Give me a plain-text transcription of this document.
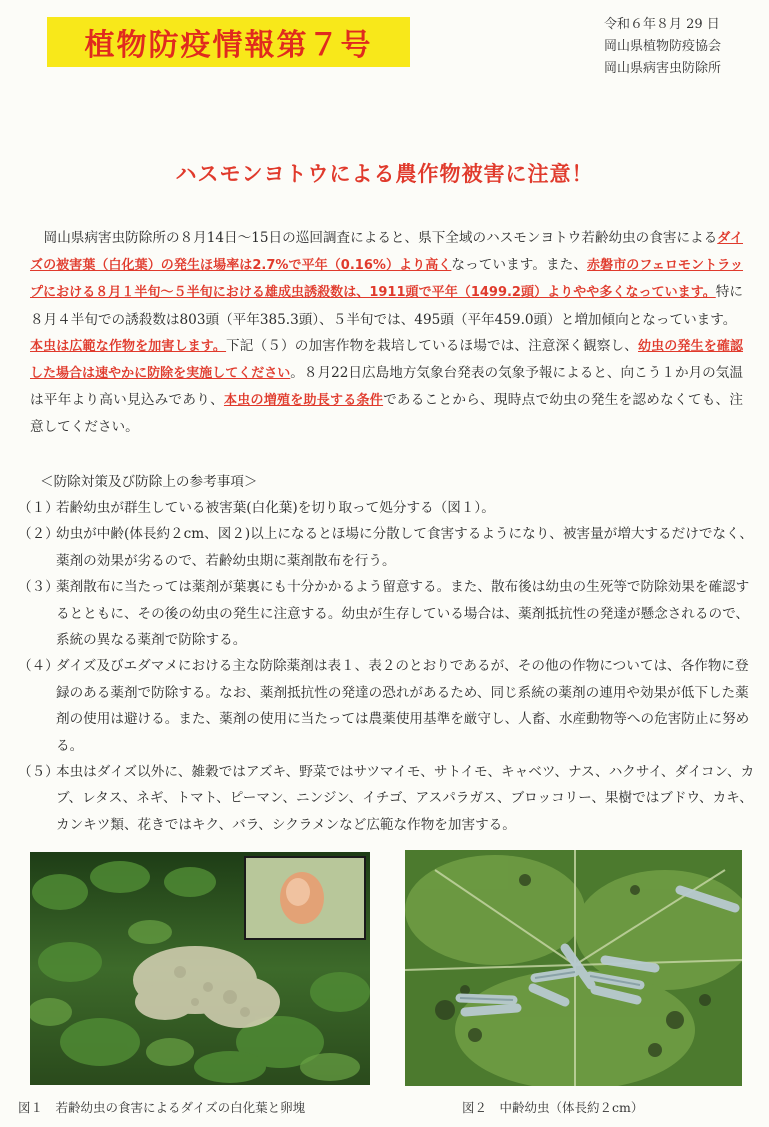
植物防疫情報第７号
令和６年８月 29 日
岡山県植物防疫協会
岡山県病害虫防除所
ハスモンヨトウによる農作物被害に注意！

　岡山県病害虫防除所の８月14日～15日の巡回調査によると、県下全域のハスモンヨトウ若齢幼虫の食害によるダイズの被害葉（白化葉）の発生ほ場率は2.7%で平年（0.16%）より高くなっています。また、赤磐市のフェロモントラップにおける８月１半旬～５半旬における雄成虫誘殺数は、1911頭で平年（1499.2頭）よりやや多くなっています。特に８月４半旬での誘殺数は803頭（平年385.3頭）、５半旬では、495頭（平年459.0頭）と増加傾向となっています。

本虫は広範な作物を加害します。下記（５）の加害作物を栽培しているほ場では、注意深く観察し、幼虫の発生を確認した場合は速やかに防除を実施してください。８月22日広島地方気象台発表の気象予報によると、向こう１か月の気温は平年より高い見込みであり、本虫の増殖を助長する条件であることから、現時点で幼虫の発生を認めなくても、注意してください。

＜防除対策及び防除上の参考事項＞
（１）
若齢幼虫が群生している被害葉(白化葉)を切り取って処分する（図１）。
（２）
幼虫が中齢(体長約２cm、図２)以上になるとほ場に分散して食害するようになり、被害量が増大するだけでなく、薬剤の効果が劣るので、若齢幼虫期に薬剤散布を行う。
（３）
薬剤散布に当たっては薬剤が葉裏にも十分かかるよう留意する。また、散布後は幼虫の生死等で防除効果を確認するとともに、その後の幼虫の発生に注意する。幼虫が生存している場合は、薬剤抵抗性の発達が懸念されるので、系統の異なる薬剤で防除する。
（４）
ダイズ及びエダマメにおける主な防除薬剤は表１、表２のとおりであるが、その他の作物については、各作物に登録のある薬剤で防除する。なお、薬剤抵抗性の発達の恐れがあるため、同じ系統の薬剤の連用や効果が低下した薬剤の使用は避ける。また、薬剤の使用に当たっては農薬使用基準を厳守し、人畜、水産動物等への危害防止に努める。
（５）
本虫はダイズ以外に、雑穀ではアズキ、野菜ではサツマイモ、サトイモ、キャベツ、ナス、ハクサイ、ダイコン、カブ、レタス、ネギ、トマト、ピーマン、ニンジン、イチゴ、アスパラガス、ブロッコリー、果樹ではブドウ、カキ、カンキツ類、花きではキク、バラ、シクラメンなど広範な作物を加害する。
図１　若齢幼虫の食害によるダイズの白化葉と卵塊	図２　中齢幼虫（体長約２cm）
